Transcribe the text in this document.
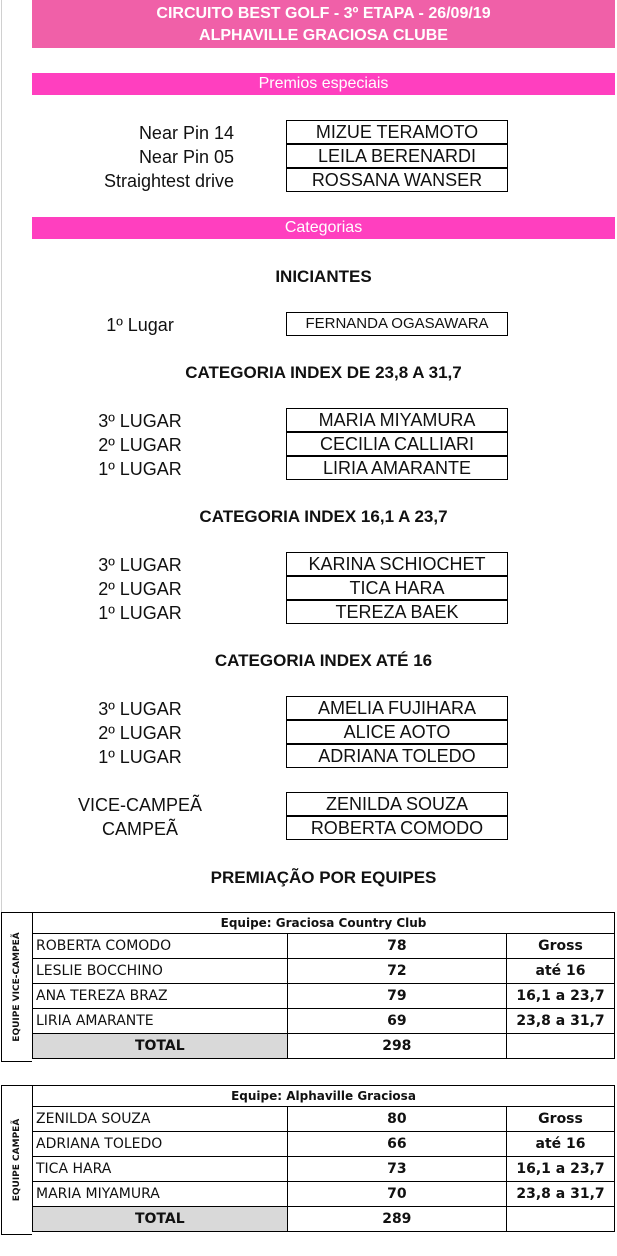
CIRCUITO BEST GOLF - 3º ETAPA - 26/09/19
ALPHAVILLE GRACIOSA CLUBE
Premios especiais
Near Pin 14	MIZUE TERAMOTO
Near Pin 05	LEILA BERENARDI
Straightest drive	ROSSANA WANSER
Categorias
INICIANTES
1º Lugar	FERNANDA OGASAWARA
CATEGORIA INDEX DE 23,8 A 31,7
3º LUGAR	MARIA MIYAMURA
2º LUGAR	CECILIA CALLIARI
1º LUGAR	LIRIA AMARANTE
CATEGORIA INDEX 16,1 A 23,7
3º LUGAR	KARINA SCHIOCHET
2º LUGAR	TICA HARA
1º LUGAR	TEREZA BAEK
CATEGORIA INDEX ATÉ 16
3º LUGAR	AMELIA FUJIHARA
2º LUGAR	ALICE AOTO
1º LUGAR	ADRIANA TOLEDO
VICE-CAMPEÃ	ZENILDA SOUZA
CAMPEÃ	ROBERTA COMODO
PREMIAÇÃO POR EQUIPES
EQUIPE VICE-CAMPEÃ
Equipe: Graciosa Country Club		
ROBERTA COMODO	78	Gross
LESLIE BOCCHINO	72	até 16
ANA TEREZA BRAZ	79	16,1 a 23,7
LIRIA AMARANTE	69	23,8 a 31,7
TOTAL	298	
EQUIPE CAMPEÃ
Equipe: Alphaville Graciosa		
ZENILDA SOUZA	80	Gross
ADRIANA TOLEDO	66	até 16
TICA HARA	73	16,1 a 23,7
MARIA MIYAMURA	70	23,8 a 31,7
TOTAL	289	
